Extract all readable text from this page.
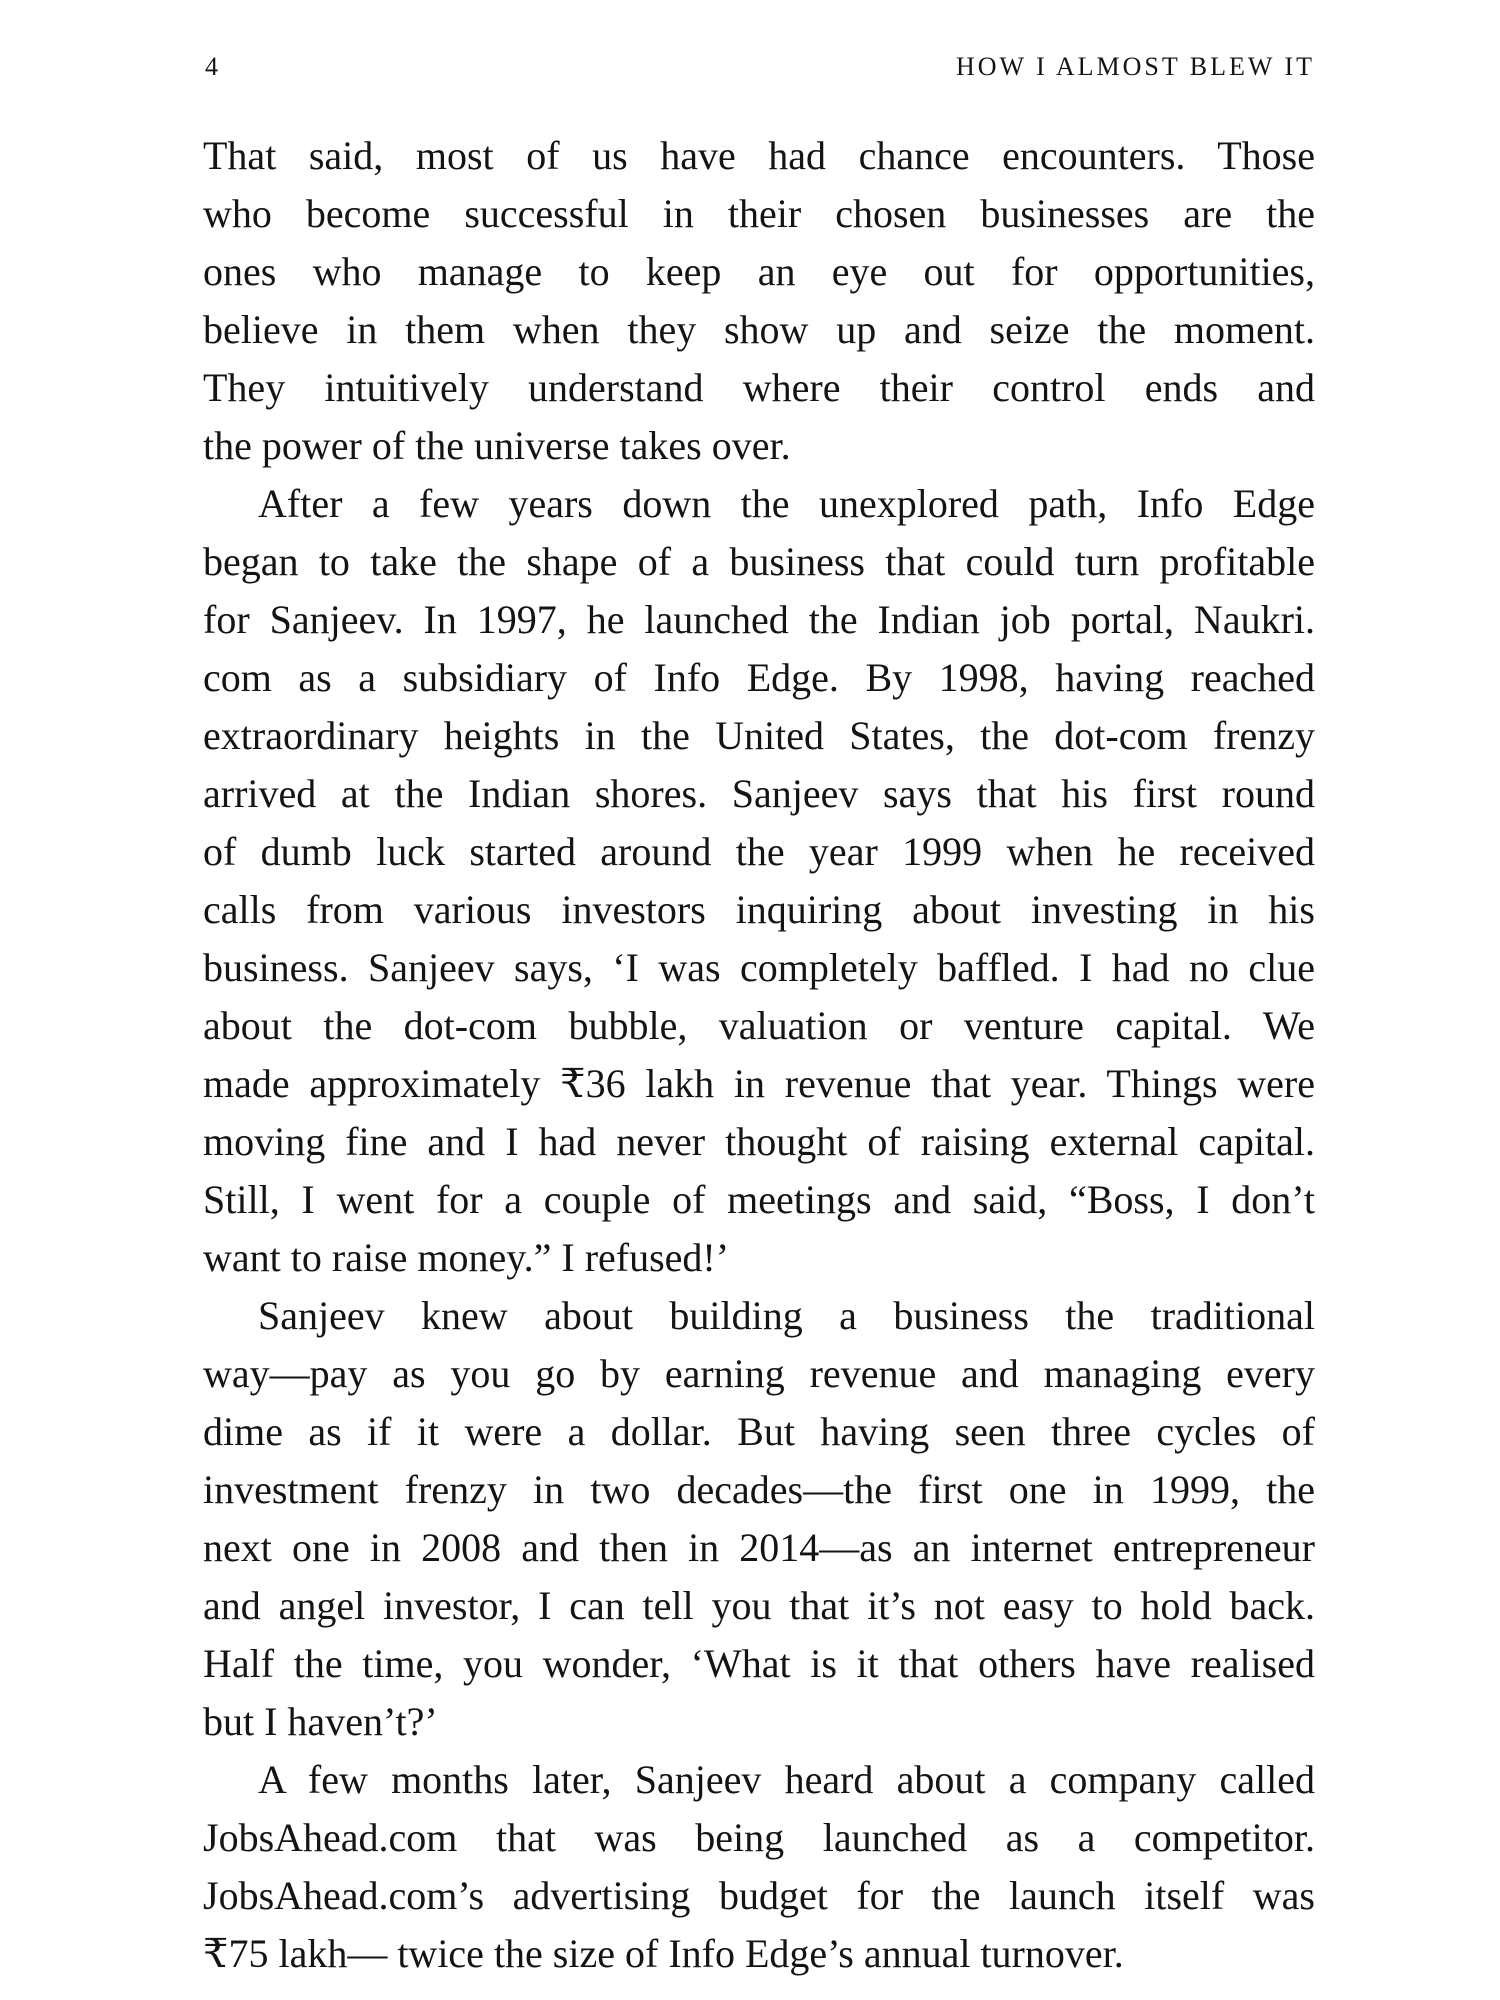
4	HOW I ALMOST BLEW IT
That said, most of us have had chance encounters. Those
who become successful in their chosen businesses are the
ones who manage to keep an eye out for opportunities,
believe in them when they show up and seize the moment.
They intuitively understand where their control ends and
the power of the universe takes over.
After a few years down the unexplored path, Info Edge
began to take the shape of a business that could turn profitable
for Sanjeev. In 1997, he launched the Indian job portal, Naukri.
com as a subsidiary of Info Edge. By 1998, having reached
extraordinary heights in the United States, the dot-com frenzy
arrived at the Indian shores. Sanjeev says that his first round
of dumb luck started around the year 1999 when he received
calls from various investors inquiring about investing in his
business. Sanjeev says, ‘I was completely baffled. I had no clue
about the dot-com bubble, valuation or venture capital. We
made approximately ₹36 lakh in revenue that year. Things were
moving fine and I had never thought of raising external capital.
Still, I went for a couple of meetings and said, “Boss, I don’t
want to raise money.” I refused!’
Sanjeev knew about building a business the traditional
way—pay as you go by earning revenue and managing every
dime as if it were a dollar. But having seen three cycles of
investment frenzy in two decades—the first one in 1999, the
next one in 2008 and then in 2014—as an internet entrepreneur
and angel investor, I can tell you that it’s not easy to hold back.
Half the time, you wonder, ‘What is it that others have realised
but I haven’t?’
A few months later, Sanjeev heard about a company called
JobsAhead.com that was being launched as a competitor.
JobsAhead.com’s advertising budget for the launch itself was
₹75 lakh— twice the size of Info Edge’s annual turnover.
